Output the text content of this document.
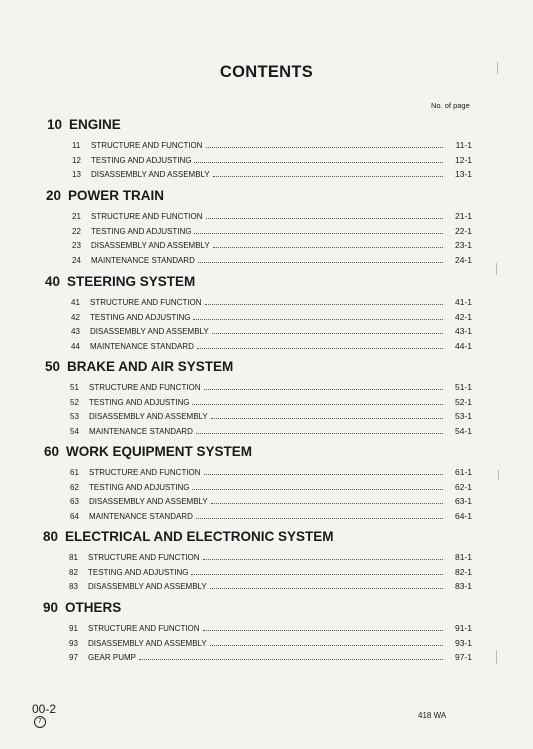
CONTENTS
No. of page
10 ENGINE
11	STRUCTURE AND FUNCTION	11-1
12	TESTING AND ADJUSTING	12-1
13	DISASSEMBLY AND ASSEMBLY	13-1
20 POWER TRAIN
21	STRUCTURE AND FUNCTION	21-1
22	TESTING AND ADJUSTING	22-1
23	DISASSEMBLY AND ASSEMBLY	23-1
24	MAINTENANCE STANDARD	24-1
40 STEERING SYSTEM
41	STRUCTURE AND FUNCTION	41-1
42	TESTING AND ADJUSTING	42-1
43	DISASSEMBLY AND ASSEMBLY	43-1
44	MAINTENANCE STANDARD	44-1
50 BRAKE AND AIR SYSTEM
51	STRUCTURE AND FUNCTION	51-1
52	TESTING AND ADJUSTING	52-1
53	DISASSEMBLY AND ASSEMBLY	53-1
54	MAINTENANCE STANDARD	54-1
60 WORK EQUIPMENT SYSTEM
61	STRUCTURE AND FUNCTION	61-1
62	TESTING AND ADJUSTING	62-1
63	DISASSEMBLY AND ASSEMBLY	63-1
64	MAINTENANCE STANDARD	64-1
80 ELECTRICAL AND ELECTRONIC SYSTEM
81	STRUCTURE AND FUNCTION	81-1
82	TESTING AND ADJUSTING	82-1
83	DISASSEMBLY AND ASSEMBLY	83-1
90 OTHERS
91	STRUCTURE AND FUNCTION	91-1
93	DISASSEMBLY AND ASSEMBLY	93-1
97	GEAR PUMP	97-1
00-2
7
418 WA
